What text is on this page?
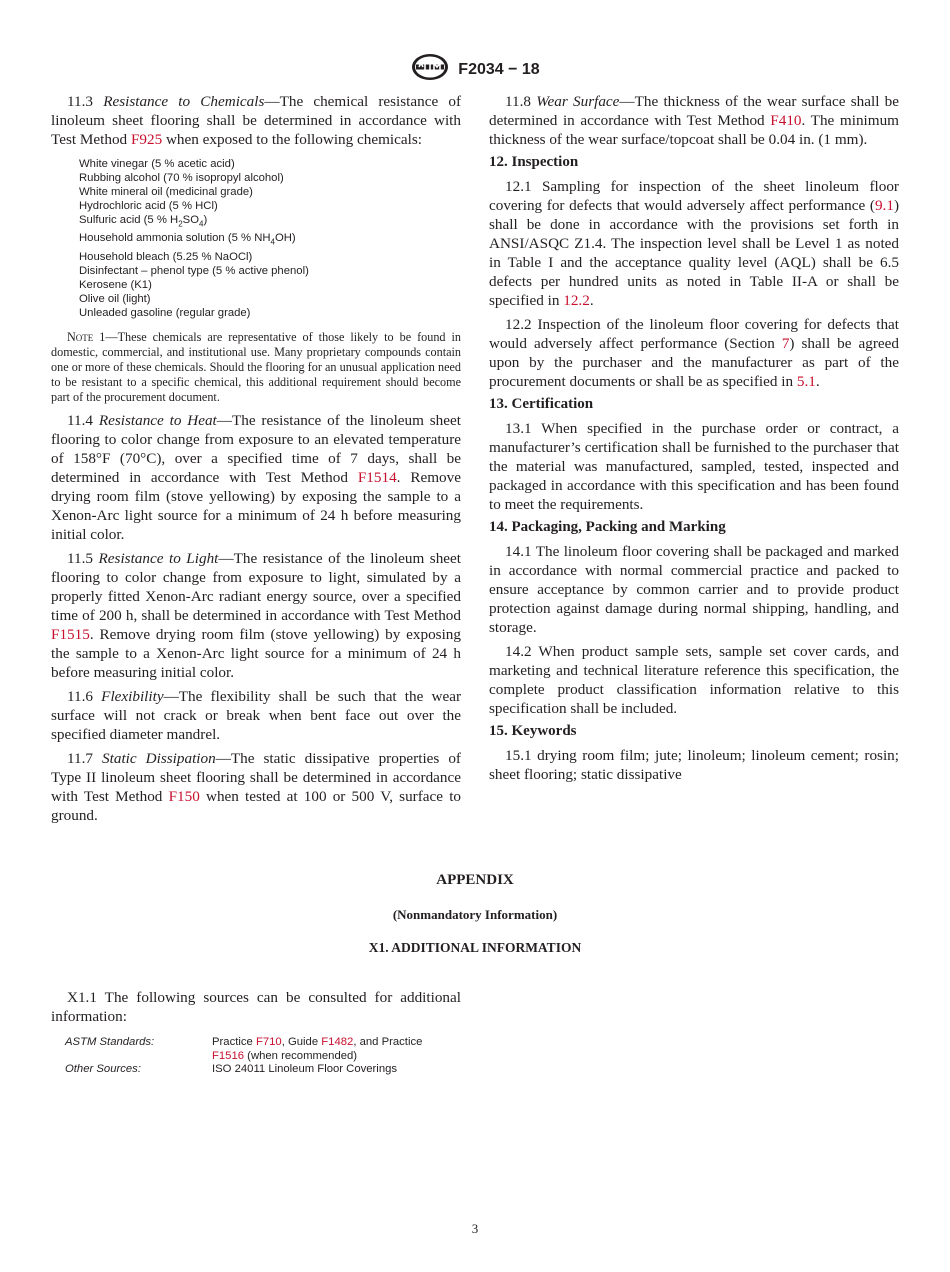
F2034 − 18

11.3 Resistance to Chemicals—The chemical resistance of linoleum sheet flooring shall be determined in accordance with Test Method F925 when exposed to the following chemicals:

White vinegar (5 % acetic acid)
Rubbing alcohol (70 % isopropyl alcohol)
White mineral oil (medicinal grade)
Hydrochloric acid (5 % HCl)
Sulfuric acid (5 % $H_2SO_4$)
Household ammonia solution (5 % $NH_4OH$)
Household bleach (5.25 % NaOCl)
Disinfectant – phenol type (5 % active phenol)
Kerosene (K1)
Olive oil (light)
Unleaded gasoline (regular grade)

Note 1—These chemicals are representative of those likely to be found in domestic, commercial, and institutional use. Many proprietary compounds contain one or more of these chemicals. Should the flooring for an unusual application need to be resistant to a specific chemical, this additional requirement should become part of the procurement document.

11.4 Resistance to Heat—The resistance of the linoleum sheet flooring to color change from exposure to an elevated temperature of 158°F (70°C), over a specified time of 7 days, shall be determined in accordance with Test Method F1514. Remove drying room film (stove yellowing) by exposing the sample to a Xenon-Arc light source for a minimum of 24 h before measuring initial color.

11.5 Resistance to Light—The resistance of the linoleum sheet flooring to color change from exposure to light, simulated by a properly fitted Xenon-Arc radiant energy source, over a specified time of 200 h, shall be determined in accordance with Test Method F1515. Remove drying room film (stove yellowing) by exposing the sample to a Xenon-Arc light source for a minimum of 24 h before measuring initial color.

11.6 Flexibility—The flexibility shall be such that the wear surface will not crack or break when bent face out over the specified diameter mandrel.

11.7 Static Dissipation—The static dissipative properties of Type II linoleum sheet flooring shall be determined in accordance with Test Method F150 when tested at 100 or 500 V, surface to ground.

11.8 Wear Surface—The thickness of the wear surface shall be determined in accordance with Test Method F410. The minimum thickness of the wear surface/topcoat shall be 0.04 in. (1 mm).

12. Inspection

12.1 Sampling for inspection of the sheet linoleum floor covering for defects that would adversely affect performance (9.1) shall be done in accordance with the provisions set forth in ANSI/ASQC Z1.4. The inspection level shall be Level 1 as noted in Table I and the acceptance quality level (AQL) shall be 6.5 defects per hundred units as noted in Table II-A or shall be specified in 12.2.

12.2 Inspection of the linoleum floor covering for defects that would adversely affect performance (Section 7) shall be agreed upon by the purchaser and the manufacturer as part of the procurement documents or shall be as specified in 5.1.

13. Certification

13.1 When specified in the purchase order or contract, a manufacturer’s certification shall be furnished to the purchaser that the material was manufactured, sampled, tested, inspected and packaged in accordance with this specification and has been found to meet the requirements.

14. Packaging, Packing and Marking

14.1 The linoleum floor covering shall be packaged and marked in accordance with normal commercial practice and packed to ensure acceptance by common carrier and to provide product protection against damage during normal shipping, handling, and storage.

14.2 When product sample sets, sample set cover cards, and marketing and technical literature reference this specification, the complete product classification information relative to this specification shall be included.

15. Keywords

15.1 drying room film; jute; linoleum; linoleum cement; rosin; sheet flooring; static dissipative

APPENDIX
(Nonmandatory Information)
X1. ADDITIONAL INFORMATION

X1.1 The following sources can be consulted for additional information:

ASTM Standards:	Practice F710, Guide F1482, and Practice F1516 (when recommended)
Other Sources:	ISO 24011 Linoleum Floor Coverings
3
